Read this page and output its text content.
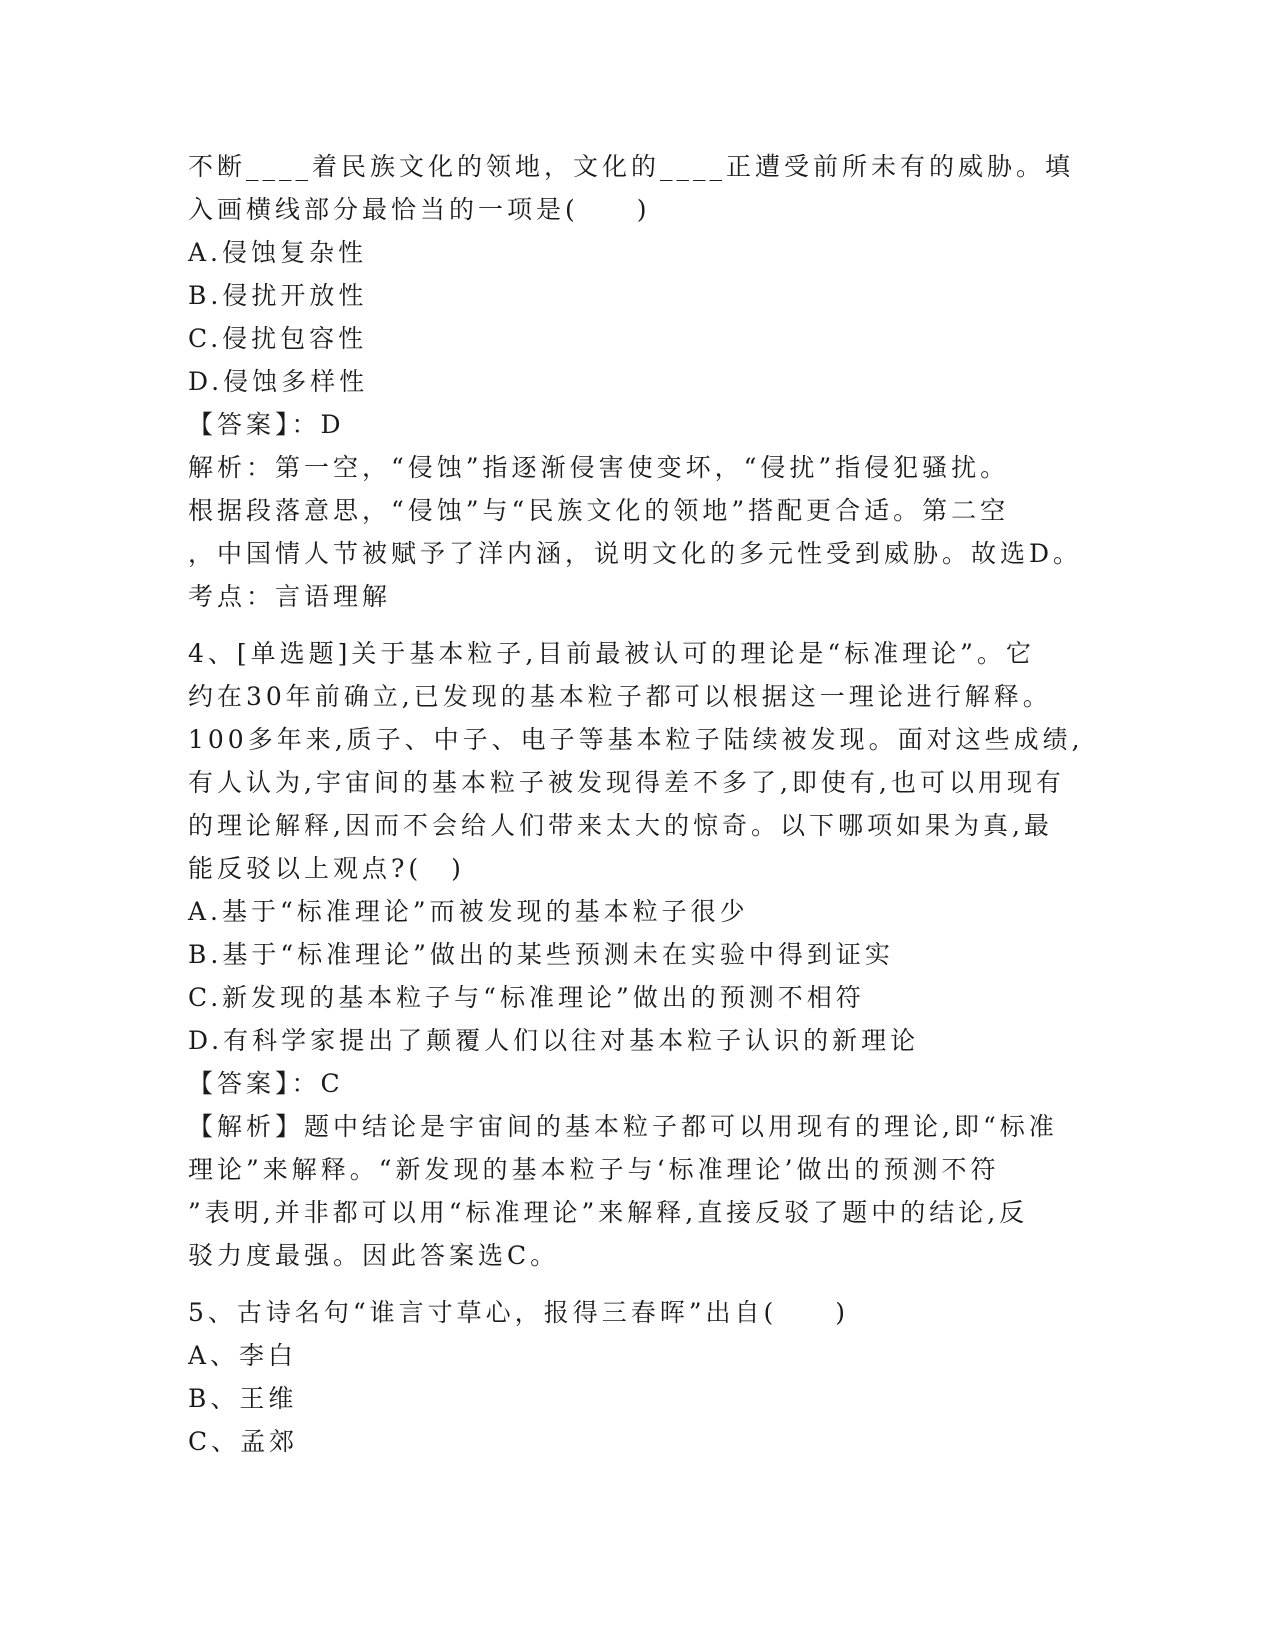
不断____着民族文化的领地，文化的____正遭受前所未有的威胁。填
入画横线部分最恰当的一项是(　　)
A.侵蚀复杂性
B.侵扰开放性
C.侵扰包容性
D.侵蚀多样性
【答案】：D
解析：第一空，“侵蚀”指逐渐侵害使变坏，“侵扰”指侵犯骚扰。
根据段落意思，“侵蚀”与“民族文化的领地”搭配更合适。第二空
，中国情人节被赋予了洋内涵，说明文化的多元性受到威胁。故选D。
考点：言语理解
4、[单选题]关于基本粒子,目前最被认可的理论是“标准理论”。它
约在30年前确立,已发现的基本粒子都可以根据这一理论进行解释。
100多年来,质子、中子、电子等基本粒子陆续被发现。面对这些成绩,
有人认为,宇宙间的基本粒子被发现得差不多了,即使有,也可以用现有
的理论解释,因而不会给人们带来太大的惊奇。以下哪项如果为真,最
能反驳以上观点?(　)
A.基于“标准理论”而被发现的基本粒子很少
B.基于“标准理论”做出的某些预测未在实验中得到证实
C.新发现的基本粒子与“标准理论”做出的预测不相符
D.有科学家提出了颠覆人们以往对基本粒子认识的新理论
【答案】：C
【解析】题中结论是宇宙间的基本粒子都可以用现有的理论,即“标准
理论”来解释。“新发现的基本粒子与‘标准理论’做出的预测不符
”表明,并非都可以用“标准理论”来解释,直接反驳了题中的结论,反
驳力度最强。因此答案选C。
5、古诗名句“谁言寸草心，报得三春晖”出自(　　)
A、李白
B、王维
C、孟郊
